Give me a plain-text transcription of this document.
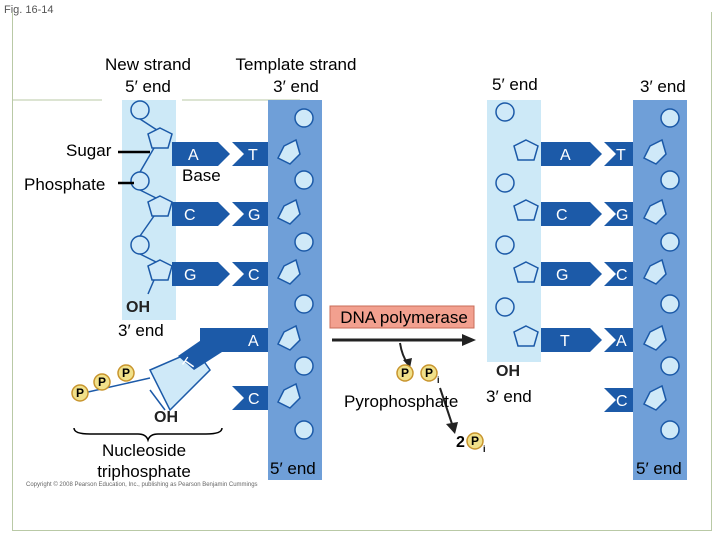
Fig. 16-14
A	T
C	G
G	C
A
C
A	T
C	G
G	C
T	A
C
T
P
P
P	P P i
2 P
i
OH
OH
OH
New strand
5′ end
Template strand
3′ end
Sugar
Phosphate	Base
3′ end
5′ end
Nucleoside triphosphate
DNA polymerase
Pyrophosphate
5′ end	3′ end
3′ end
5′ end
Copyright © 2008 Pearson Education, Inc., publishing as Pearson Benjamin Cummings
